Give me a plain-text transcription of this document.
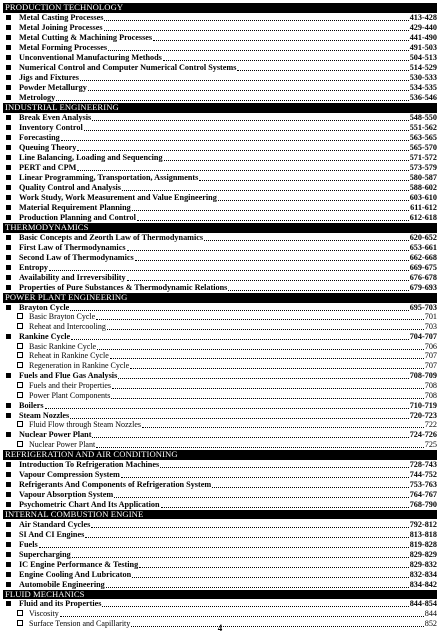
PRODUCTION TECHNOLOGY
Metal Casting Processes	413-428
Metal Joining Processes	429-440
Metal Cutting & Machining Processes	441-490
Metal Forming Processes	491-503
Unconventional Manufacturing Methods	504-513
Numerical Control and Computer Numerical Control Systems	514-529
Jigs and Fixtures	530-533
Powder Metallurgy	534-535
Metrology	536-546
INDUSTRIAL ENGINEERING
Break Even Analysis	548-550
Inventory Control	551-562
Forecasting	563-565
Queuing Theory	565-570
Line Balancing, Loading and Sequencing	571-572
PERT and CPM	573-579
Linear Programming, Transportation, Assignments	580-587
Quality Control and Analysis	588-602
Work Study, Work Measurement and Value Engineering	603-610
Material Requirement Planning	611-612
Production Planning and Control	612-618
THERMODYNAMICS
Basic Concepts and Zeorth Law of Thermodynamics	620-652
First Law of Thermodynamics	653-661
Second Law of Thermodynamics	662-668
Entropy	669-675
Availability and Irreversibility	676-678
Properties of Pure Substances & Thermodynamic Relations	679-693
POWER PLANT ENGINEERING
Brayton Cycle	695-703
Basic Brayton Cycle	701
Reheat and Intercooling	703
Rankine Cycle	704-707
Basic Rankine Cycle	706
Reheat in Rankine Cycle	707
Regeneration in Rankine Cycle	707
Fuels and Flue Gas Analysis	708-709
Fuels and their Properties	708
Power Plant Components	708
Boilers	710-719
Steam Nozzles	720-723
Fluid Flow through Steam Nozzles	722
Nuclear Power Plant	724-726
Nuclear Power Plant	725
REFRIGERATION AND AIR CONDITIONING
Introduction To Refrigeration Machines	728-743
Vapour Compression System	744-752
Refrigerants And Components of Refrigeration System	753-763
Vapour Absorption System	764-767
Psychometric Chart And Its Application	768-790
INTERNAL COMBUSTION ENGINE
Air Standard Cycles	792-812
SI And CI Engines	813-818
Fuels	819-828
Supercharging	829-829
IC Engine Performance & Testing	829-832
Engine Cooling And Lubricaton	832-834
Automobile Engineering	834-842
FLUID MECHANICS
Fluid and its Properties	844-854
Viscosity	844
Surface Tension and Capillarity	852
4
